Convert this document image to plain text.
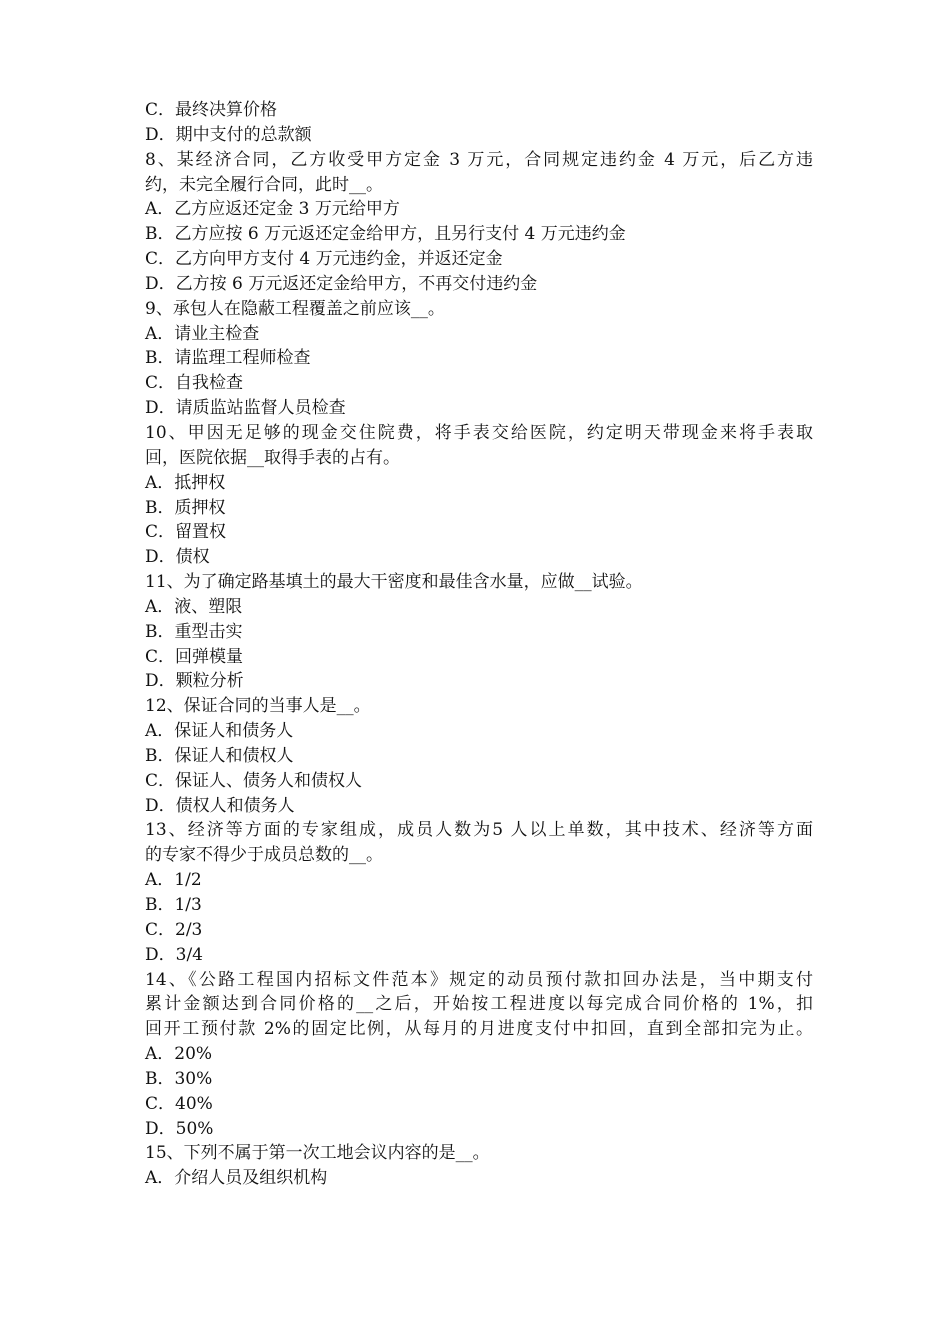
C．最终决算价格
D．期中支付的总款额
8、某经济合同，乙方收受甲方定金 3 万元，合同规定违约金 4 万元，后乙方违
约，未完全履行合同，此时__。
A．乙方应返还定金 3 万元给甲方
B．乙方应按 6 万元返还定金给甲方，且另行支付 4 万元违约金
C．乙方向甲方支付 4 万元违约金，并返还定金
D．乙方按 6 万元返还定金给甲方，不再交付违约金
9、承包人在隐蔽工程覆盖之前应该__。
A．请业主检查
B．请监理工程师检查
C．自我检查
D．请质监站监督人员检查
10、甲因无足够的现金交住院费，将手表交给医院，约定明天带现金来将手表取
回，医院依据__取得手表的占有。
A．抵押权
B．质押权
C．留置权
D．债权
11、为了确定路基填土的最大干密度和最佳含水量，应做__试验。
A．液、塑限
B．重型击实
C．回弹模量
D．颗粒分析
12、保证合同的当事人是__。
A．保证人和债务人
B．保证人和债权人
C．保证人、债务人和债权人
D．债权人和债务人
13、经济等方面的专家组成，成员人数为5 人以上单数，其中技术、经济等方面
的专家不得少于成员总数的__。
A．1/2
B．1/3
C．2/3
D．3/4
14、《公路工程国内招标文件范本》规定的动员预付款扣回办法是，当中期支付
累计金额达到合同价格的__之后，开始按工程进度以每完成合同价格的 1%，扣
回开工预付款 2%的固定比例，从每月的月进度支付中扣回，直到全部扣完为止。
A．20%
B．30%
C．40%
D．50%
15、下列不属于第一次工地会议内容的是__。
A．介绍人员及组织机构
